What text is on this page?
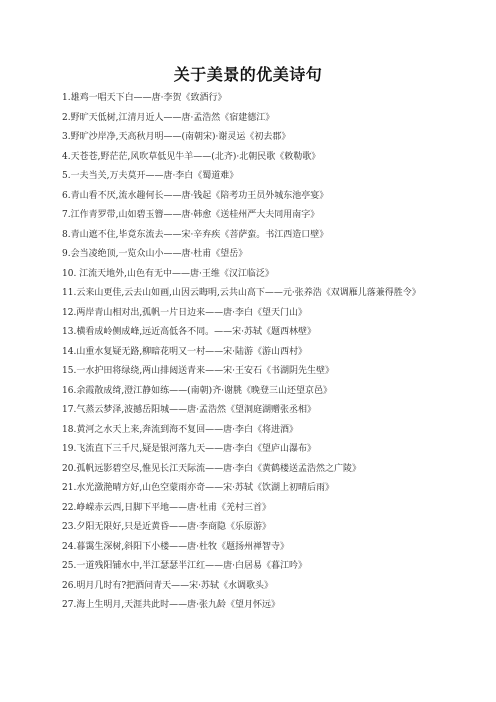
关于美景的优美诗句
1.雄鸡一唱天下白——唐·李贺《致酒行》
2.野旷天低树,江清月近人——唐·孟浩然《宿建德江》
3.野旷沙岸净,天高秋月明——(南朝宋)·谢灵运《初去郡》
4.天苍苍,野茫茫,风吹草低见牛羊——(北齐)·北朝民歌《敕勒歌》
5.一夫当关,万夫莫开——唐·李白《蜀道难》
6.青山看不厌,流水趣何长——唐·钱起《陪考功王员外城东池亭宴》
7.江作青罗带,山如碧玉簪——唐·韩愈《送桂州严大夫同用南字》
8.青山遮不住,毕竟东流去——宋·辛弃疾《菩萨蛮。书江西造口壁》
9.会当凌绝顶,一览众山小——唐·杜甫《望岳》
10. 江流天地外,山色有无中——唐·王维《汉江临泛》
11.云来山更佳,云去山如画,山因云晦明,云共山高下——元·张养浩《双调雁儿落兼得胜令》
12.两岸青山相对出,孤帆一片日边来——唐·李白《望天门山》
13.横看成岭侧成峰,远近高低各不同。——宋·苏轼《题西林壁》
14.山重水复疑无路,柳暗花明又一村——宋·陆游《游山西村》
15.一水护田将绿绕,两山排闼送青来——宋·王安石《书湖阴先生壁》
16.余霞散成绮,澄江静如练——(南朝)齐·谢朓《晚登三山还望京邑》
17.气蒸云梦泽,波撼岳阳城——唐·孟浩然《望洞庭湖赠张丞相》
18.黄河之水天上来,奔流到海不复回——唐·李白《将进酒》
19.飞流直下三千尺,疑是银河落九天——唐·李白《望庐山瀑布》
20.孤帆远影碧空尽,惟见长江天际流——唐·李白《黄鹤楼送孟浩然之广陵》
21.水光潋滟晴方好,山色空蒙雨亦奇——宋·苏轼《饮湖上初晴后雨》
22.峥嵘赤云西,日脚下平地——唐·杜甫《羌村三首》
23.夕阳无限好,只是近黄昏——唐·李商隐《乐原游》
24.暮霭生深树,斜阳下小楼——唐·杜牧《题扬州禅智寺》
25.一道残阳铺水中,半江瑟瑟半江红——唐·白居易《暮江吟》
26.明月几时有?把酒问青天——宋·苏轼《水调歌头》
27.海上生明月,天涯共此时——唐·张九龄《望月怀远》
